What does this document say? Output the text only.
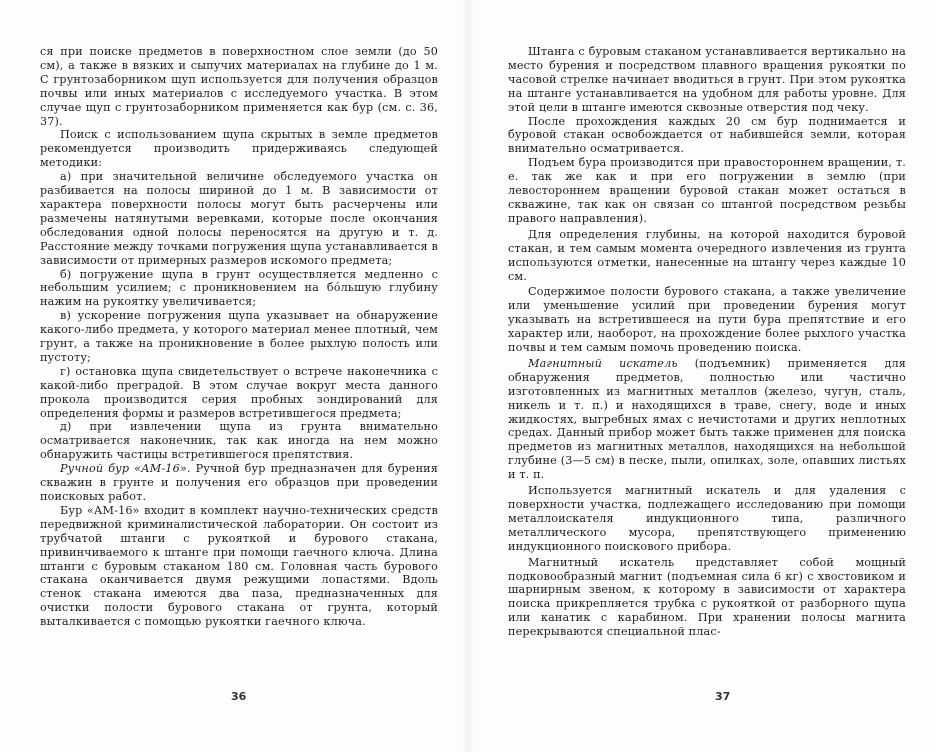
ся при поиске предметов в поверхностном слое земли (до 50 см), а также в вязких и сыпучих материалах на глубине до 1 м. С грунтозаборником щуп используется для получения образцов почвы или иных материалов с исследуемого участка. В этом случае щуп с грунтозаборником применяется как бур (см. с. 36, 37).

Поиск с использованием щупа скрытых в земле предметов рекомендуется производить придерживаясь следующей методики:

а) при значительной величине обследуемого участка он разбивается на полосы шириной до 1 м. В зависимости от характера поверхности полосы могут быть расчерчены или размечены натянутыми веревками, которые после окончания обследования одной полосы переносятся на другую и т. д. Расстояние между точками погружения щупа устанавливается в зависимости от примерных размеров искомого предмета;

б) погружение щупа в грунт осуществляется медленно с небольшим усилием; с проникновением на бо́льшую глубину нажим на рукоятку увеличивается;

в) ускорение погружения щупа указывает на обнаружение какого-либо предмета, у которого материал менее плотный, чем грунт, а также на проникновение в более рыхлую полость или пустоту;

г) остановка щупа свидетельствует о встрече наконечника с какой-либо преградой. В этом случае вокруг места данного прокола производится серия пробных зондирований для определения формы и размеров встретившегося предмета;

д) при извлечении щупа из грунта внимательно осматривается наконечник, так как иногда на нем можно обнаружить частицы встретившегося препятствия.

Ручной бур «АМ-16». Ручной бур предназначен для бурения скважин в грунте и получения его образцов при проведении поисковых работ.

Бур «АМ-16» входит в комплект научно-технических средств передвижной криминалистической лаборатории. Он состоит из трубчатой штанги с рукояткой и бурового стакана, привинчиваемого к штанге при помощи гаечного ключа. Длина штанги с буровым стаканом 180 см. Головная часть бурового стакана оканчивается двумя режущими лопастями. Вдоль стенок стакана имеются два паза, предназначенных для очистки полости бурового стакана от грунта, который выталкивается с помощью рукоятки гаечного ключа.

36

Штанга с буровым стаканом устанавливается вертикально на место бурения и посредством плавного вращения рукоятки по часовой стрелке начинает вводиться в грунт. При этом рукоятка на штанге устанавливается на удобном для работы уровне. Для этой цели в штанге имеются сквозные отверстия под чеку.

После прохождения каждых 20 см бур поднимается и буровой стакан освобождается от набившейся земли, которая внимательно осматривается.

Подъем бура производится при правостороннем вращении, т. е. так же как и при его погружении в землю (при левостороннем вращении буровой стакан может остаться в скважине, так как он связан со штангой посредством резьбы правого направления).

Для определения глубины, на которой находится буровой стакан, и тем самым момента очередного извлечения из грунта используются отметки, нанесенные на штангу через каждые 10 см.

Содержимое полости бурового стакана, а также увеличение или уменьшение усилий при проведении бурения могут указывать на встретившееся на пути бура препятствие и его характер или, наоборот, на прохождение более рыхлого участка почвы и тем самым помочь проведению поиска.

Магнитный искатель (подъемник) применяется для обнаружения предметов, полностью или частично изготовленных из магнитных металлов (железо, чугун, сталь, никель и т. п.) и находящихся в траве, снегу, воде и иных жидкостях, выгребных ямах с нечистотами и других неплотных средах. Данный прибор может быть также применен для поиска предметов из магнитных металлов, находящихся на небольшой глубине (3—5 см) в песке, пыли, опилках, золе, опавших листьях и т. п.

Используется магнитный искатель и для удаления с поверхности участка, подлежащего исследованию при помощи металлоискателя индукционного типа, различного металлического мусора, препятствующего применению индукционного поискового прибора.

Магнитный искатель представляет собой мощный подковообразный магнит (подъемная сила 6 кг) с хвостовиком и шарнирным звеном, к которому в зависимости от характера поиска прикрепляется трубка с рукояткой от разборного щупа или канатик с карабином. При хранении полосы магнита перекрываются специальной плас-

37
